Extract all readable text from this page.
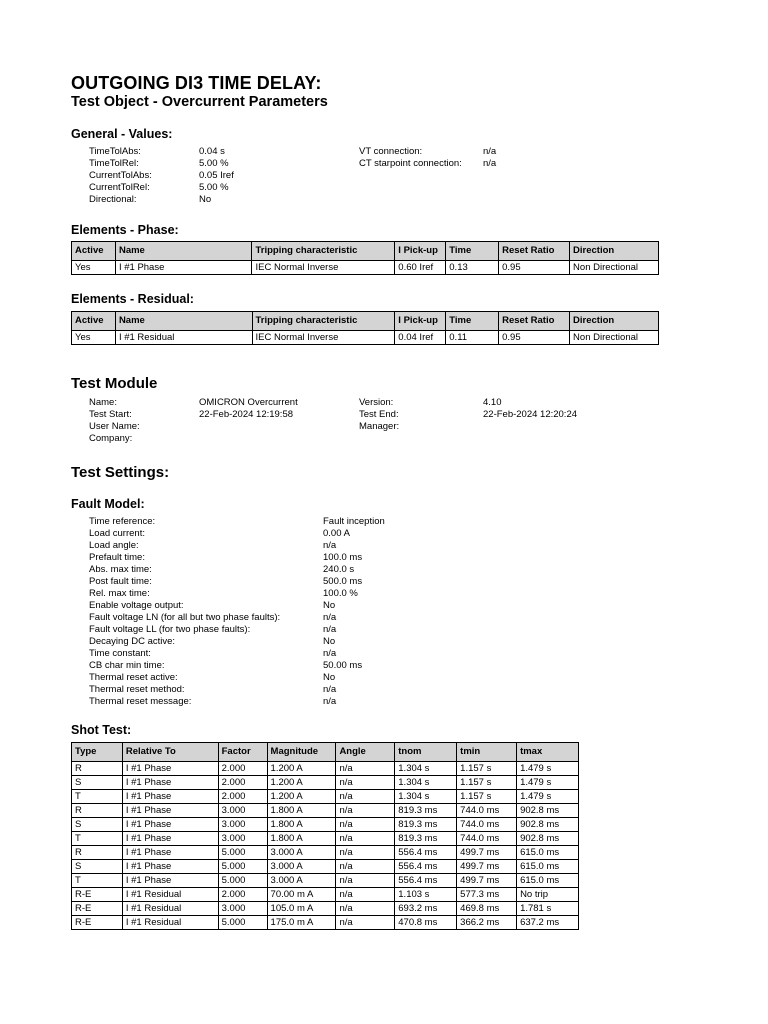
OUTGOING DI3 TIME DELAY:
Test Object - Overcurrent Parameters
General - Values:
TimeTolAbs:	0.04 s
TimeTolRel:	5.00 %
CurrentTolAbs:	0.05 Iref
CurrentTolRel:	5.00 %
Directional:	No
VT connection:	n/a
CT starpoint connection:	n/a
Elements - Phase:
Active	Name	Tripping characteristic	I Pick-up	Time	Reset Ratio	Direction
Yes	I #1 Phase	IEC Normal Inverse	0.60 Iref	0.13	0.95	Non Directional
Elements - Residual:
Active	Name	Tripping characteristic	I Pick-up	Time	Reset Ratio	Direction
Yes	I #1 Residual	IEC Normal Inverse	0.04 Iref	0.11	0.95	Non Directional
Test Module
Name:	OMICRON Overcurrent
Test Start:	22-Feb-2024 12:19:58
User Name:
Company:
Version:	4.10
Test End:	22-Feb-2024 12:20:24
Manager:
Test Settings:
Fault Model:
Time reference:	Fault inception
Load current:	0.00 A
Load angle:	n/a
Prefault time:	100.0 ms
Abs. max time:	240.0 s
Post fault time:	500.0 ms
Rel. max time:	100.0 %
Enable voltage output:	No
Fault voltage LN (for all but two phase faults):	n/a
Fault voltage LL (for two phase faults):	n/a
Decaying DC active:	No
Time constant:	n/a
CB char min time:	50.00 ms
Thermal reset active:	No
Thermal reset method:	n/a
Thermal reset message:	n/a
Shot Test:
Type	Relative To	Factor	Magnitude	Angle	tnom	tmin	tmax
R	I #1 Phase	2.000	1.200 A	n/a	1.304 s	1.157 s	1.479 s
S	I #1 Phase	2.000	1.200 A	n/a	1.304 s	1.157 s	1.479 s
T	I #1 Phase	2.000	1.200 A	n/a	1.304 s	1.157 s	1.479 s
R	I #1 Phase	3.000	1.800 A	n/a	819.3 ms	744.0 ms	902.8 ms
S	I #1 Phase	3.000	1.800 A	n/a	819.3 ms	744.0 ms	902.8 ms
T	I #1 Phase	3.000	1.800 A	n/a	819.3 ms	744.0 ms	902.8 ms
R	I #1 Phase	5.000	3.000 A	n/a	556.4 ms	499.7 ms	615.0 ms
S	I #1 Phase	5.000	3.000 A	n/a	556.4 ms	499.7 ms	615.0 ms
T	I #1 Phase	5.000	3.000 A	n/a	556.4 ms	499.7 ms	615.0 ms
R-E	I #1 Residual	2.000	70.00 m A	n/a	1.103 s	577.3 ms	No trip
R-E	I #1 Residual	3.000	105.0 m A	n/a	693.2 ms	469.8 ms	1.781 s
R-E	I #1 Residual	5.000	175.0 m A	n/a	470.8 ms	366.2 ms	637.2 ms
